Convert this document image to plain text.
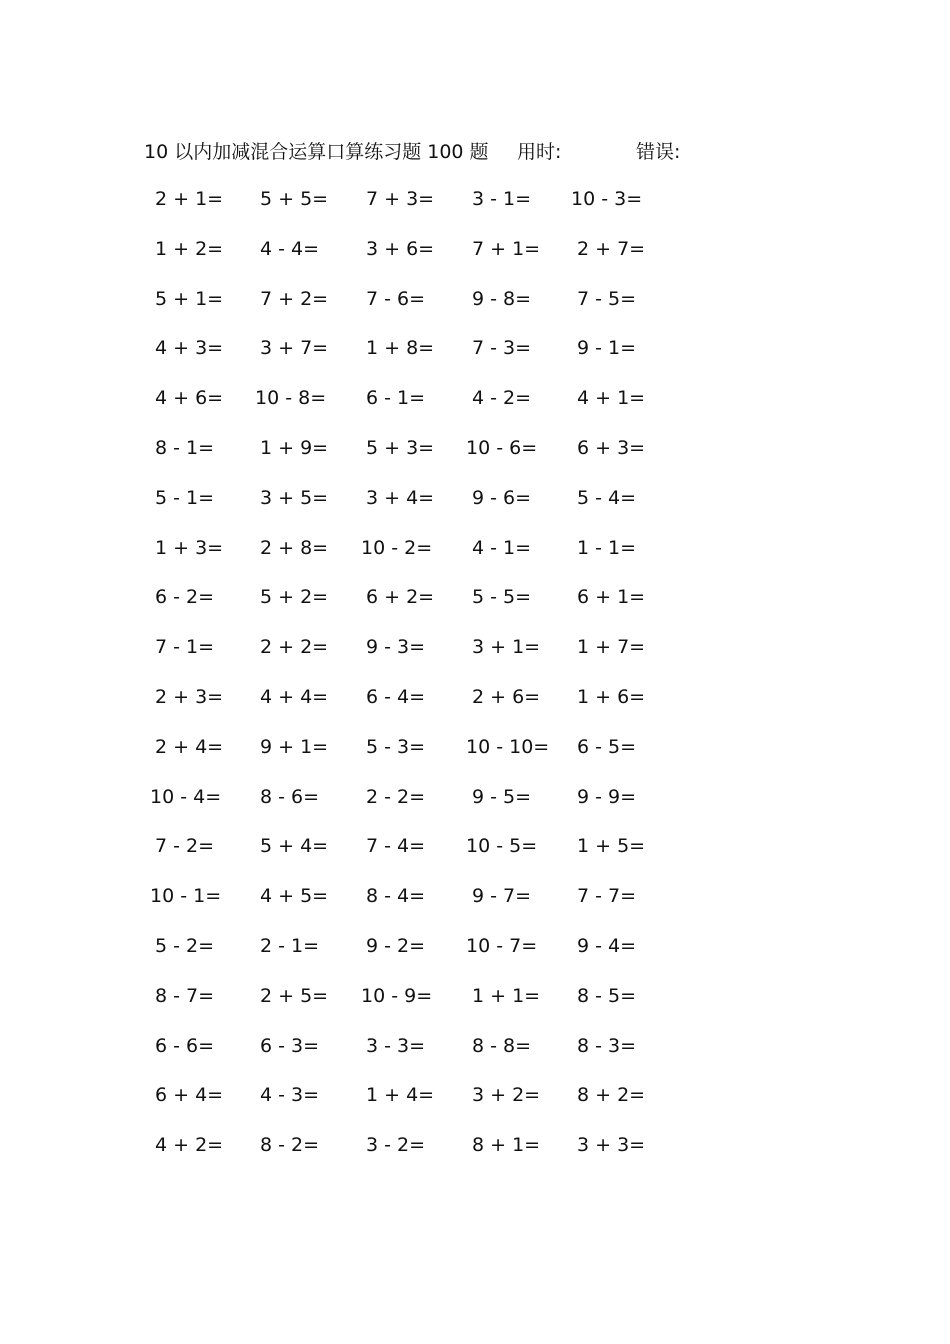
10 以内加减混合运算口算练习题 100 题 用时:	错误:
2 + 1= 5 + 5= 7 + 3= 3 - 1= 10 - 3=
1 + 2= 4 - 4= 3 + 6= 7 + 1= 2 + 7=
5 + 1= 7 + 2= 7 - 6= 9 - 8= 7 - 5=
4 + 3= 3 + 7= 1 + 8= 7 - 3= 9 - 1=
4 + 6= 10 - 8= 6 - 1= 4 - 2= 4 + 1=
8 - 1= 1 + 9= 5 + 3= 10 - 6= 6 + 3=
5 - 1= 3 + 5= 3 + 4= 9 - 6= 5 - 4=
1 + 3= 2 + 8= 10 - 2= 4 - 1= 1 - 1=
6 - 2= 5 + 2= 6 + 2= 5 - 5= 6 + 1=
7 - 1= 2 + 2= 9 - 3= 3 + 1= 1 + 7=
2 + 3= 4 + 4= 6 - 4= 2 + 6= 1 + 6=
2 + 4= 9 + 1= 5 - 3= 10 - 10= 6 - 5=
10 - 4= 8 - 6= 2 - 2= 9 - 5= 9 - 9=
7 - 2= 5 + 4= 7 - 4= 10 - 5= 1 + 5=
10 - 1= 4 + 5= 8 - 4= 9 - 7= 7 - 7=
5 - 2= 2 - 1= 9 - 2= 10 - 7= 9 - 4=
8 - 7= 2 + 5= 10 - 9= 1 + 1= 8 - 5=
6 - 6= 6 - 3= 3 - 3= 8 - 8= 8 - 3=
6 + 4= 4 - 3= 1 + 4= 3 + 2= 8 + 2=
4 + 2= 8 - 2= 3 - 2= 8 + 1= 3 + 3=
